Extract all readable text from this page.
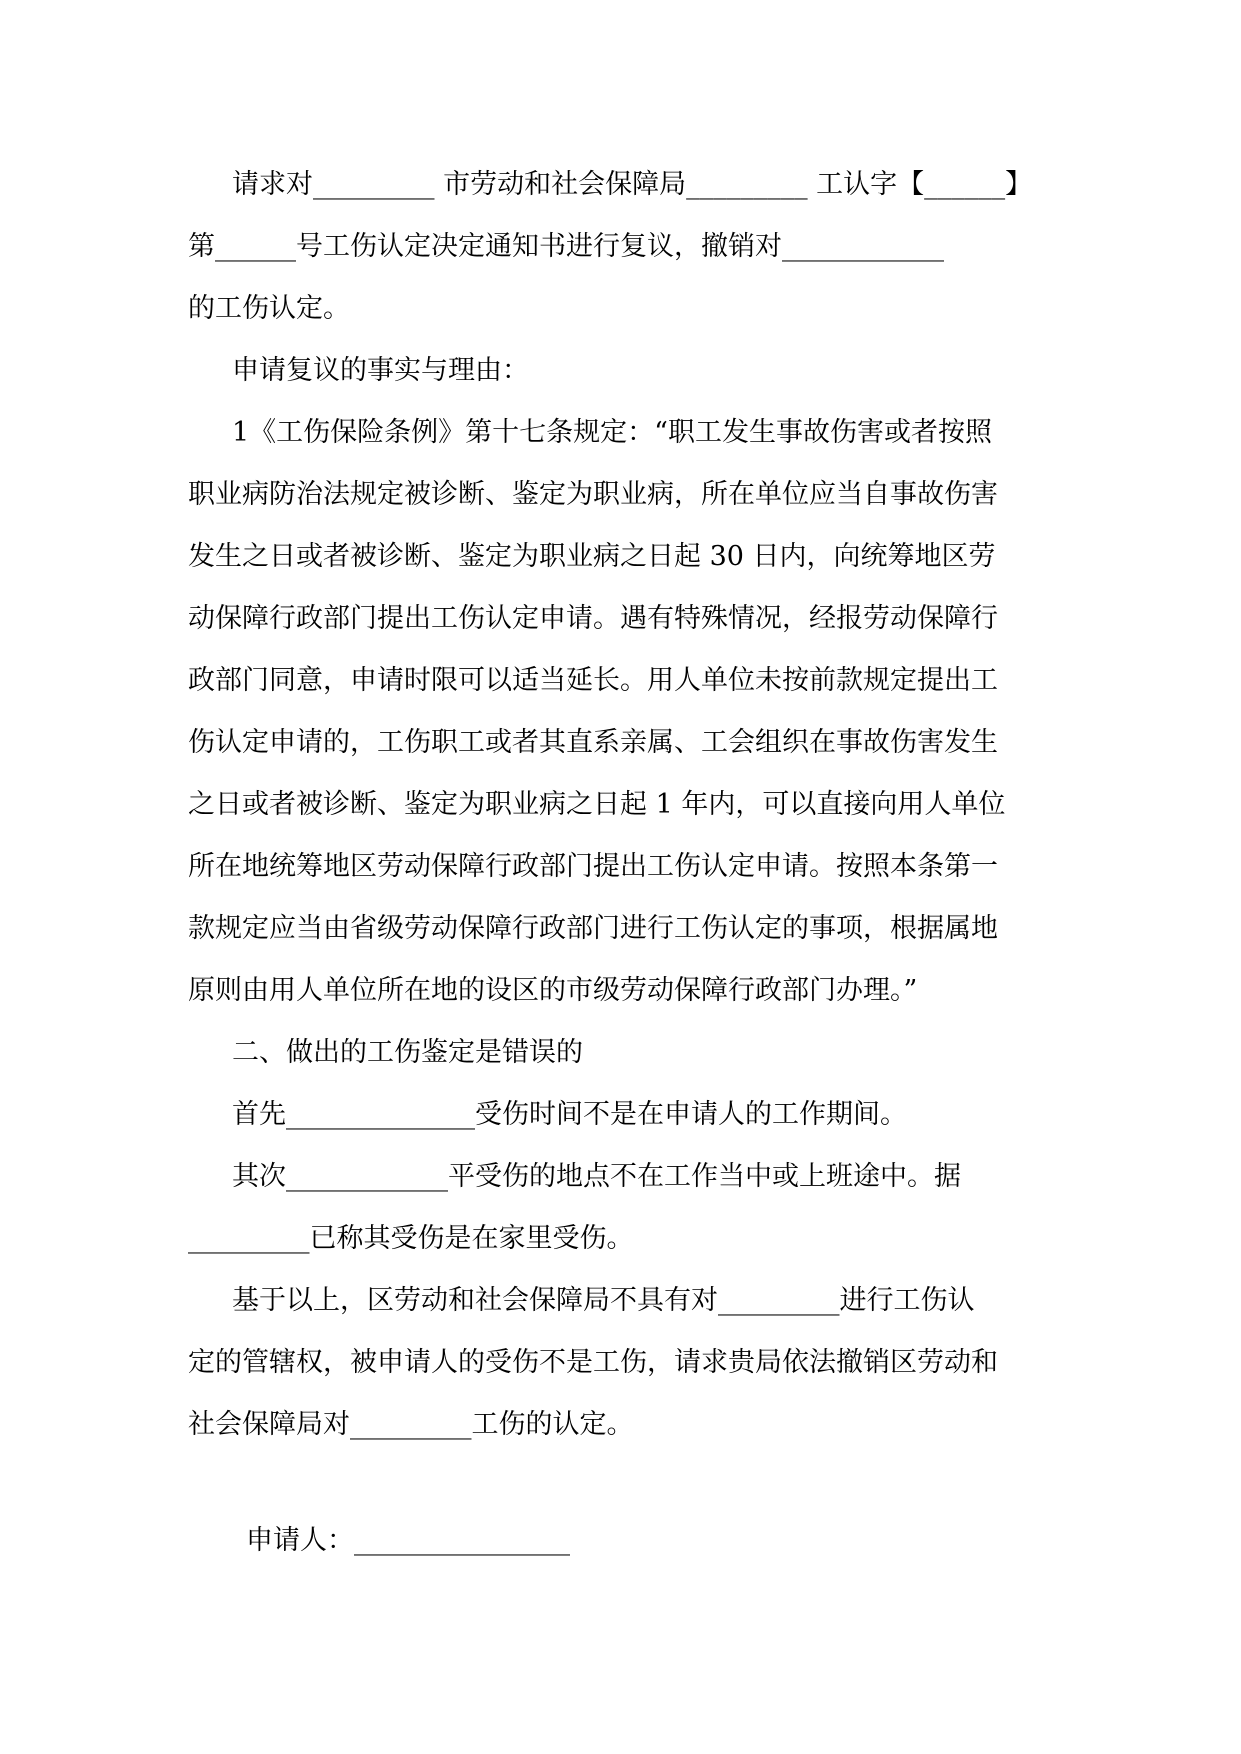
请求对_________ 市劳动和社会保障局_________ 工认字【______】

第______号工伤认定决定通知书进行复议，撤销对____________

的工伤认定。

申请复议的事实与理由：

1《工伤保险条例》第十七条规定：“职工发生事故伤害或者按照

职业病防治法规定被诊断、鉴定为职业病，所在单位应当自事故伤害

发生之日或者被诊断、鉴定为职业病之日起 30 日内，向统筹地区劳

动保障行政部门提出工伤认定申请。遇有特殊情况，经报劳动保障行

政部门同意，申请时限可以适当延长。用人单位未按前款规定提出工

伤认定申请的，工伤职工或者其直系亲属、工会组织在事故伤害发生

之日或者被诊断、鉴定为职业病之日起 1 年内，可以直接向用人单位

所在地统筹地区劳动保障行政部门提出工伤认定申请。按照本条第一

款规定应当由省级劳动保障行政部门进行工伤认定的事项，根据属地

原则由用人单位所在地的设区的市级劳动保障行政部门办理。”

二、做出的工伤鉴定是错误的

首先______________受伤时间不是在申请人的工作期间。

其次____________平受伤的地点不在工作当中或上班途中。据

_________已称其受伤是在家里受伤。

基于以上，区劳动和社会保障局不具有对_________进行工伤认

定的管辖权，被申请人的受伤不是工伤，请求贵局依法撤销区劳动和

社会保障局对_________工伤的认定。

申请人：________________
